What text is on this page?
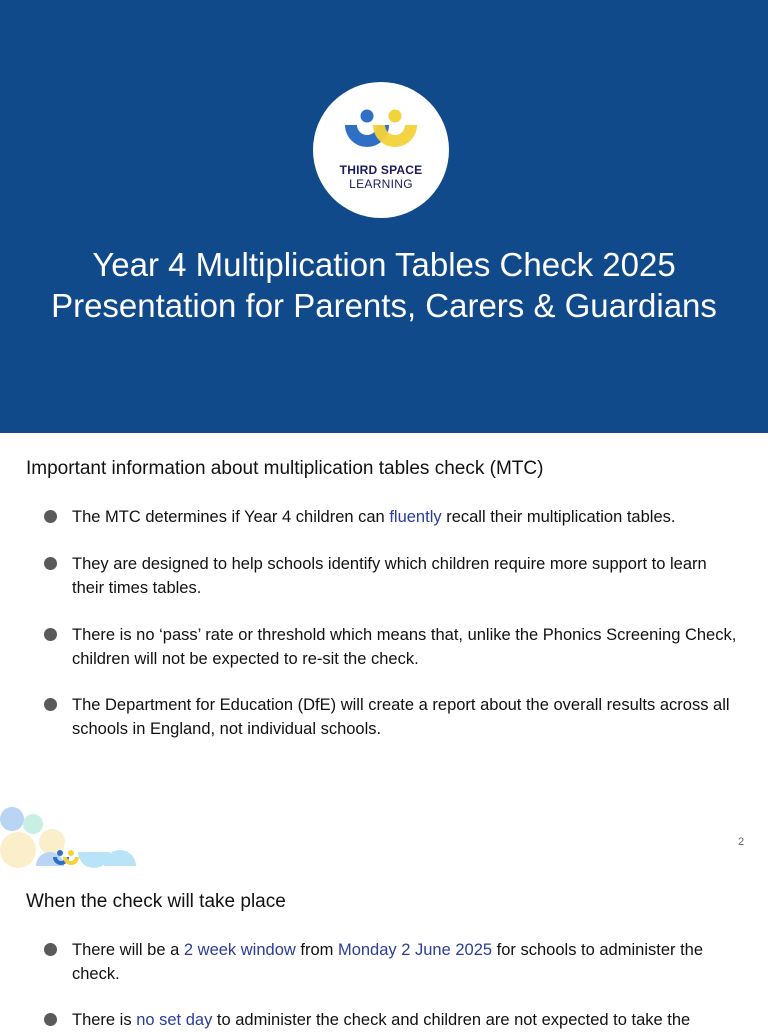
THIRD SPACE
LEARNING
Year 4 Multiplication Tables Check 2025
Presentation for Parents, Carers & Guardians
Important information about multiplication tables check (MTC)
The MTC determines if Year 4 children can fluently recall their multiplication tables.
They are designed to help schools identify which children require more support to learn their times tables.
There is no ‘pass’ rate or threshold which means that, unlike the Phonics Screening Check, children will not be expected to re-sit the check.
The Department for Education (DfE) will create a report about the overall results across all schools in England, not individual schools.
2
When the check will take place
There will be a 2 week window from Monday 2 June 2025 for schools to administer the check.
There is no set day to administer the check and children are not expected to take the
